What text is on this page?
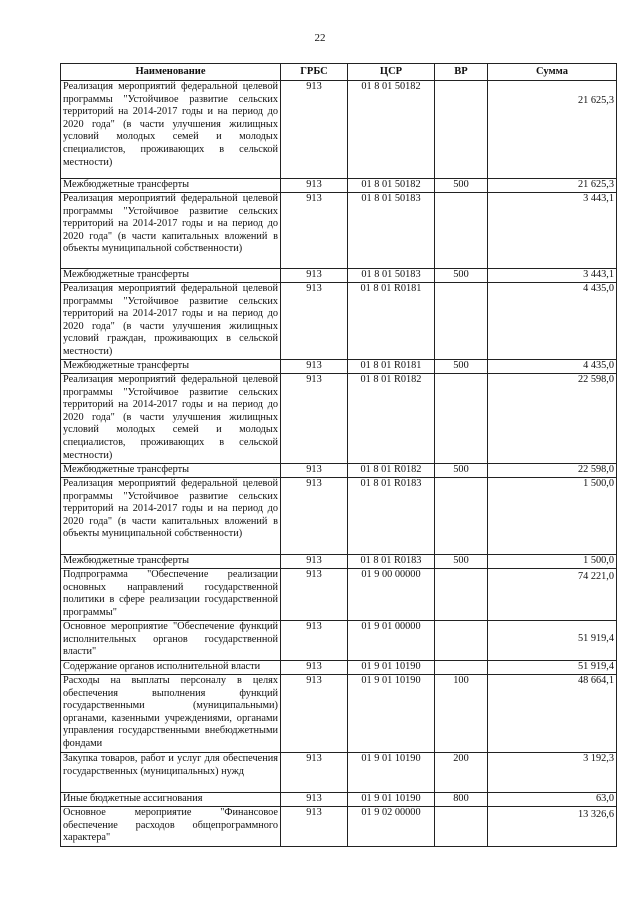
22
Наименование	ГРБС	ЦСР	ВР	Сумма
Реализация мероприятий федеральной целевой программы "Устойчивое развитие сельских территорий на 2014-2017 годы и на период до 2020 года" (в части улучшения жилищных условий молодых семей и молодых специалистов, проживающих в сельской местности)	913	01 8 01 50182		21 625,3
Межбюджетные трансферты	913	01 8 01 50182	500	21 625,3
Реализация мероприятий федеральной целевой программы "Устойчивое развитие сельских территорий на 2014-2017 годы и на период до 2020 года" (в части капитальных вложений в объекты муниципальной собственности)	913	01 8 01 50183		3 443,1
Межбюджетные трансферты	913	01 8 01 50183	500	3 443,1
Реализация мероприятий федеральной целевой программы "Устойчивое развитие сельских территорий на 2014-2017 годы и на период до 2020 года" (в части улучшения жилищных условий граждан, проживающих в сельской местности)	913	01 8 01 R0181		4 435,0
Межбюджетные трансферты	913	01 8 01 R0181	500	4 435,0
Реализация мероприятий федеральной целевой программы "Устойчивое развитие сельских территорий на 2014-2017 годы и на период до 2020 года" (в части улучшения жилищных условий молодых семей и молодых специалистов, проживающих в сельской местности)	913	01 8 01 R0182		22 598,0
Межбюджетные трансферты	913	01 8 01 R0182	500	22 598,0
Реализация мероприятий федеральной целевой программы "Устойчивое развитие сельских территорий на 2014-2017 годы и на период до 2020 года" (в части капитальных вложений в объекты муниципальной собственности)	913	01 8 01 R0183		1 500,0
Межбюджетные трансферты	913	01 8 01 R0183	500	1 500,0
Подпрограмма "Обеспечение реализации основных направлений государственной политики в сфере реализации государственной программы"	913	01 9 00 00000		74 221,0
Основное мероприятие "Обеспечение функций исполнительных органов государственной власти"	913	01 9 01 00000		51 919,4
Содержание органов исполнительной власти	913	01 9 01 10190		51 919,4
Расходы на выплаты персоналу в целях обеспечения выполнения функций государственными (муниципальными) органами, казенными учреждениями, органами управления государственными внебюджетными фондами	913	01 9 01 10190	100	48 664,1
Закупка товаров, работ и услуг для обеспечения государственных (муниципальных) нужд	913	01 9 01 10190	200	3 192,3
Иные бюджетные ассигнования	913	01 9 01 10190	800	63,0
Основное мероприятие "Финансовое обеспечение расходов общепрограммного характера"	913	01 9 02 00000		13 326,6
